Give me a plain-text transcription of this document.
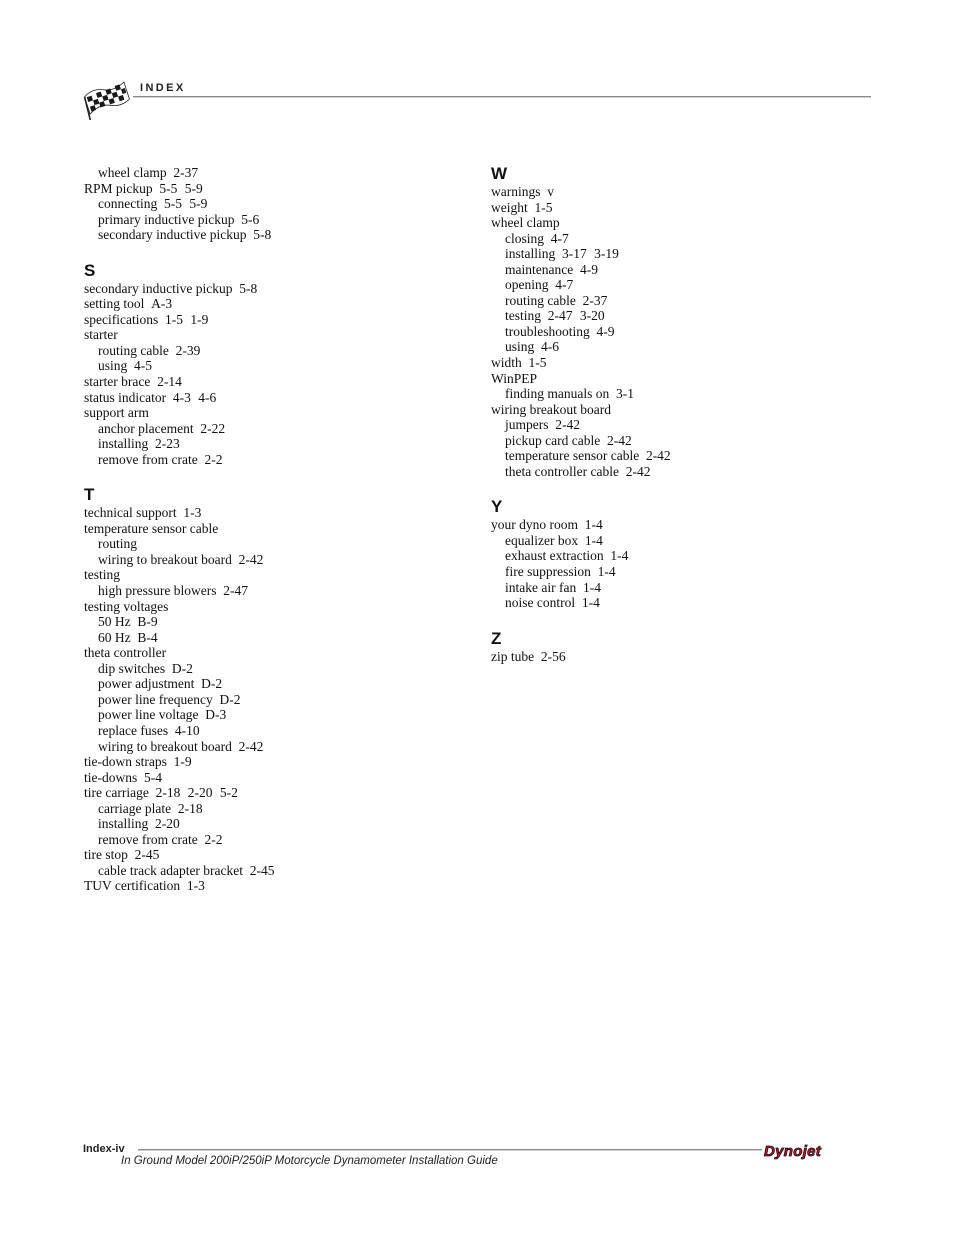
INDEX
wheel clamp 2-37
RPM pickup 5-5 5-9
connecting 5-5 5-9
primary inductive pickup 5-6
secondary inductive pickup 5-8
S
secondary inductive pickup 5-8
setting tool A-3
specifications 1-5 1-9
starter
routing cable 2-39
using 4-5
starter brace 2-14
status indicator 4-3 4-6
support arm
anchor placement 2-22
installing 2-23
remove from crate 2-2
T
technical support 1-3
temperature sensor cable
routing
wiring to breakout board 2-42
testing
high pressure blowers 2-47
testing voltages
50 Hz B-9
60 Hz B-4
theta controller
dip switches D-2
power adjustment D-2
power line frequency D-2
power line voltage D-3
replace fuses 4-10
wiring to breakout board 2-42
tie-down straps 1-9
tie-downs 5-4
tire carriage 2-18 2-20 5-2
carriage plate 2-18
installing 2-20
remove from crate 2-2
tire stop 2-45
cable track adapter bracket 2-45
TUV certification 1-3
W
warnings v
weight 1-5
wheel clamp
closing 4-7
installing 3-17 3-19
maintenance 4-9
opening 4-7
routing cable 2-37
testing 2-47 3-20
troubleshooting 4-9
using 4-6
width 1-5
WinPEP
finding manuals on 3-1
wiring breakout board
jumpers 2-42
pickup card cable 2-42
temperature sensor cable 2-42
theta controller cable 2-42
Y
your dyno room 1-4
equalizer box 1-4
exhaust extraction 1-4
fire suppression 1-4
intake air fan 1-4
noise control 1-4
Z
zip tube 2-56
Index-iv
In Ground Model 200iP/250iP Motorcycle Dynamometer Installation Guide
Dynojet
